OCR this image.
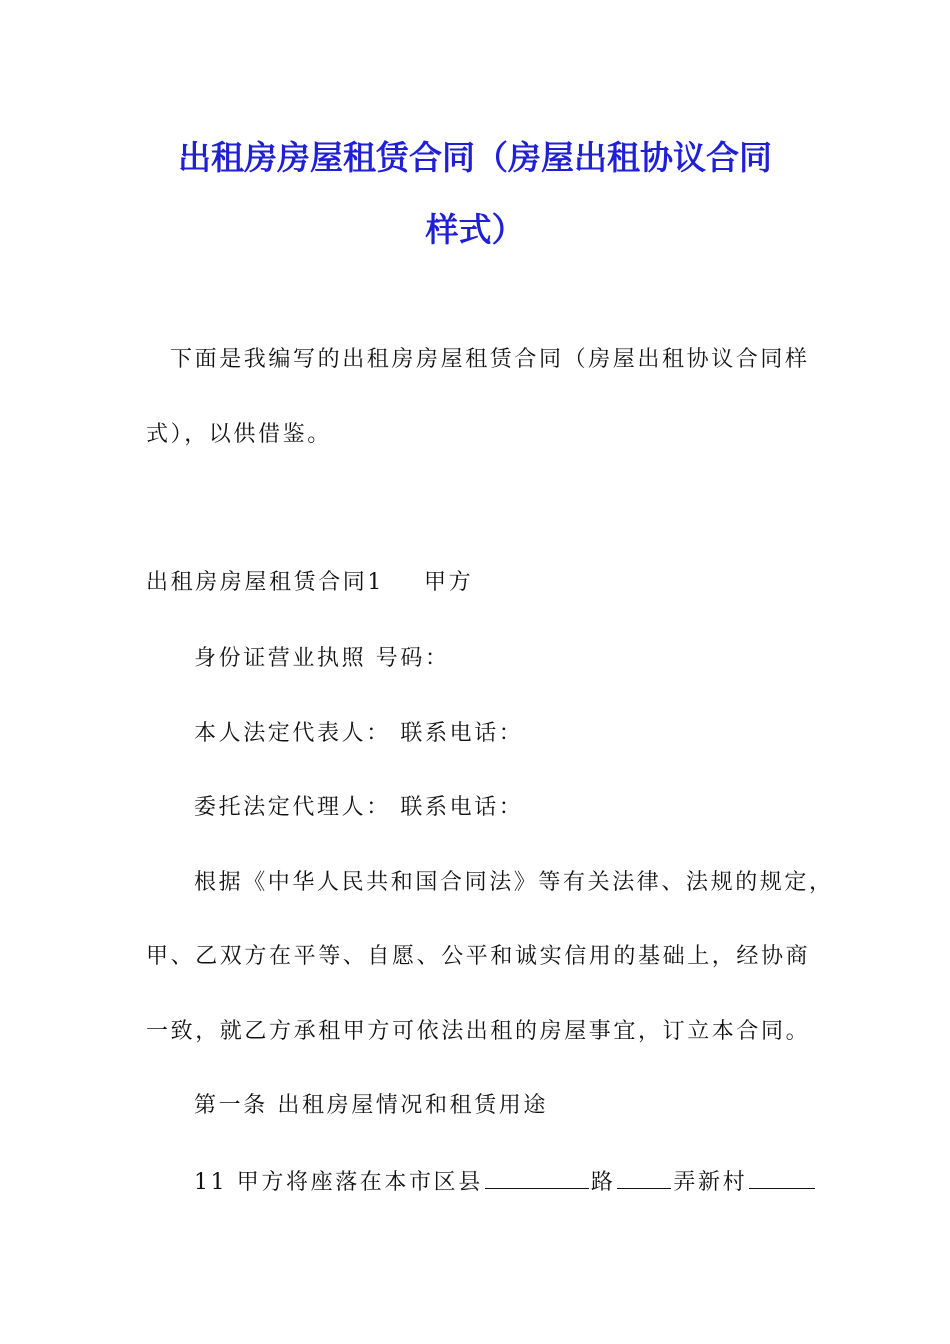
出租房房屋租赁合同（房屋出租协议合同
样式）
下面是我编写的出租房房屋租赁合同（房屋出租协议合同样
式），以供借鉴。
出租房房屋租赁合同1 甲方
身份证营业执照 号码：
本人法定代表人： 联系电话：
委托法定代理人： 联系电话：
根据《中华人民共和国合同法》等有关法律、法规的规定，
甲、乙双方在平等、自愿、公平和诚实信用的基础上，经协商
一致，就乙方承租甲方可依法出租的房屋事宜，订立本合同。
第一条 出租房屋情况和租赁用途
11 甲方将座落在本市区县	路	弄新村
